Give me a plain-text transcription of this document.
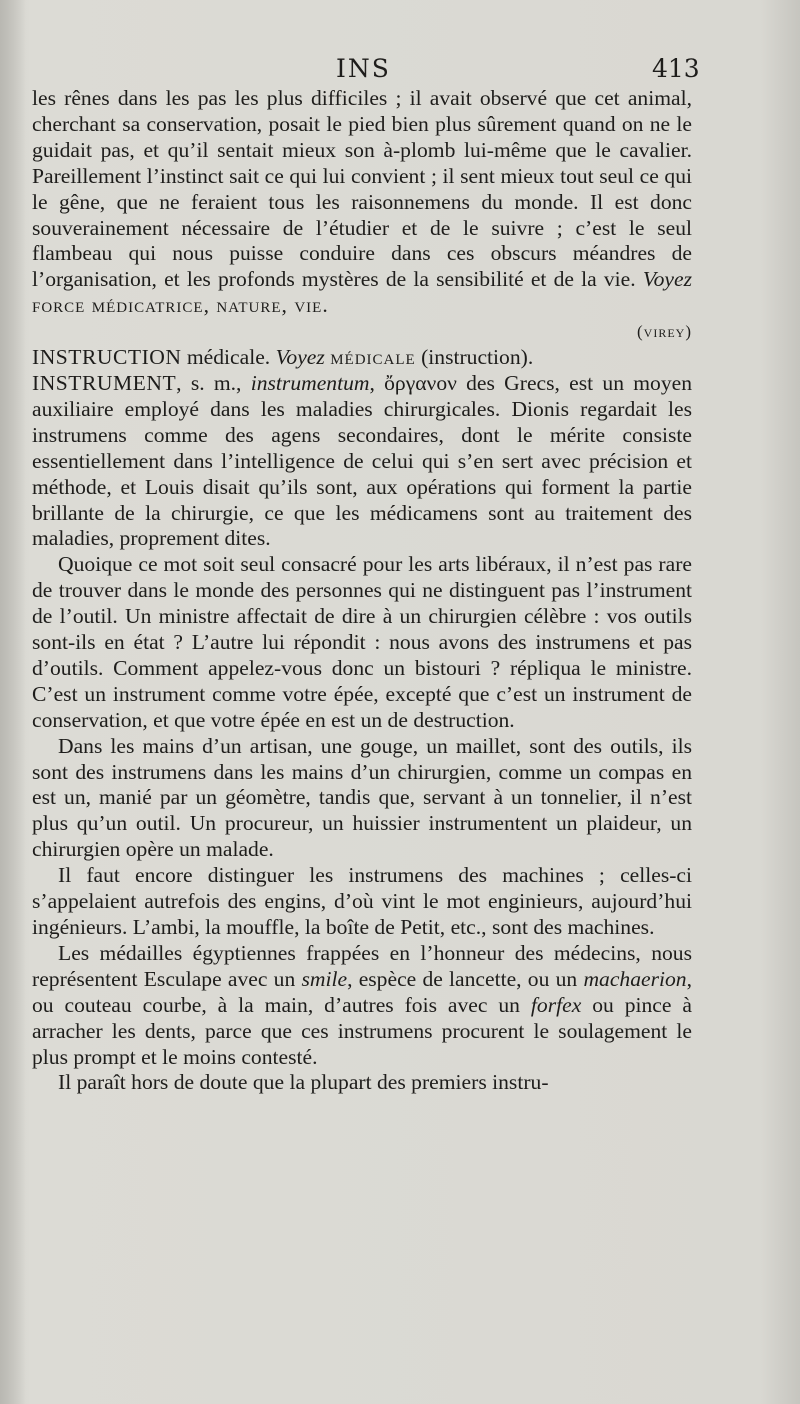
INS	413

les rênes dans les pas les plus difficiles ; il avait observé que cet animal, cherchant sa conservation, posait le pied bien plus sûrement quand on ne le guidait pas, et qu’il sentait mieux son à-plomb lui-même que le cavalier. Pareillement l’instinct sait ce qui lui convient ; il sent mieux tout seul ce qui le gêne, que ne feraient tous les raisonnemens du monde. Il est donc souverainement nécessaire de l’étudier et de le suivre ; c’est le seul flambeau qui nous puisse conduire dans ces obscurs méandres de l’organisation, et les profonds mystères de la sensibilité et de la vie. Voyez force médicatrice, nature, vie.

(virey)

INSTRUCTION médicale. Voyez médicale (instruction).

INSTRUMENT, s. m., instrumentum, ὄργανον des Grecs, est un moyen auxiliaire employé dans les maladies chirurgicales. Dionis regardait les instrumens comme des agens secondaires, dont le mérite consiste essentiellement dans l’intelligence de celui qui s’en sert avec précision et méthode, et Louis disait qu’ils sont, aux opérations qui forment la partie brillante de la chirurgie, ce que les médicamens sont au traitement des maladies, proprement dites.

Quoique ce mot soit seul consacré pour les arts libéraux, il n’est pas rare de trouver dans le monde des personnes qui ne distinguent pas l’instrument de l’outil. Un ministre affectait de dire à un chirurgien célèbre : vos outils sont-ils en état ? L’autre lui répondit : nous avons des instrumens et pas d’outils. Comment appelez-vous donc un bistouri ? répliqua le ministre. C’est un instrument comme votre épée, excepté que c’est un instrument de conservation, et que votre épée en est un de destruction.

Dans les mains d’un artisan, une gouge, un maillet, sont des outils, ils sont des instrumens dans les mains d’un chirurgien, comme un compas en est un, manié par un géomètre, tandis que, servant à un tonnelier, il n’est plus qu’un outil. Un procureur, un huissier instrumentent un plaideur, un chirurgien opère un malade.

Il faut encore distinguer les instrumens des machines ; celles-ci s’appelaient autrefois des engins, d’où vint le mot enginieurs, aujourd’hui ingénieurs. L’ambi, la mouffle, la boîte de Petit, etc., sont des machines.

Les médailles égyptiennes frappées en l’honneur des médecins, nous représentent Esculape avec un smile, espèce de lancette, ou un machaerion, ou couteau courbe, à la main, d’autres fois avec un forfex ou pince à arracher les dents, parce que ces instrumens procurent le soulagement le plus prompt et le moins contesté.

Il paraît hors de doute que la plupart des premiers instru-
